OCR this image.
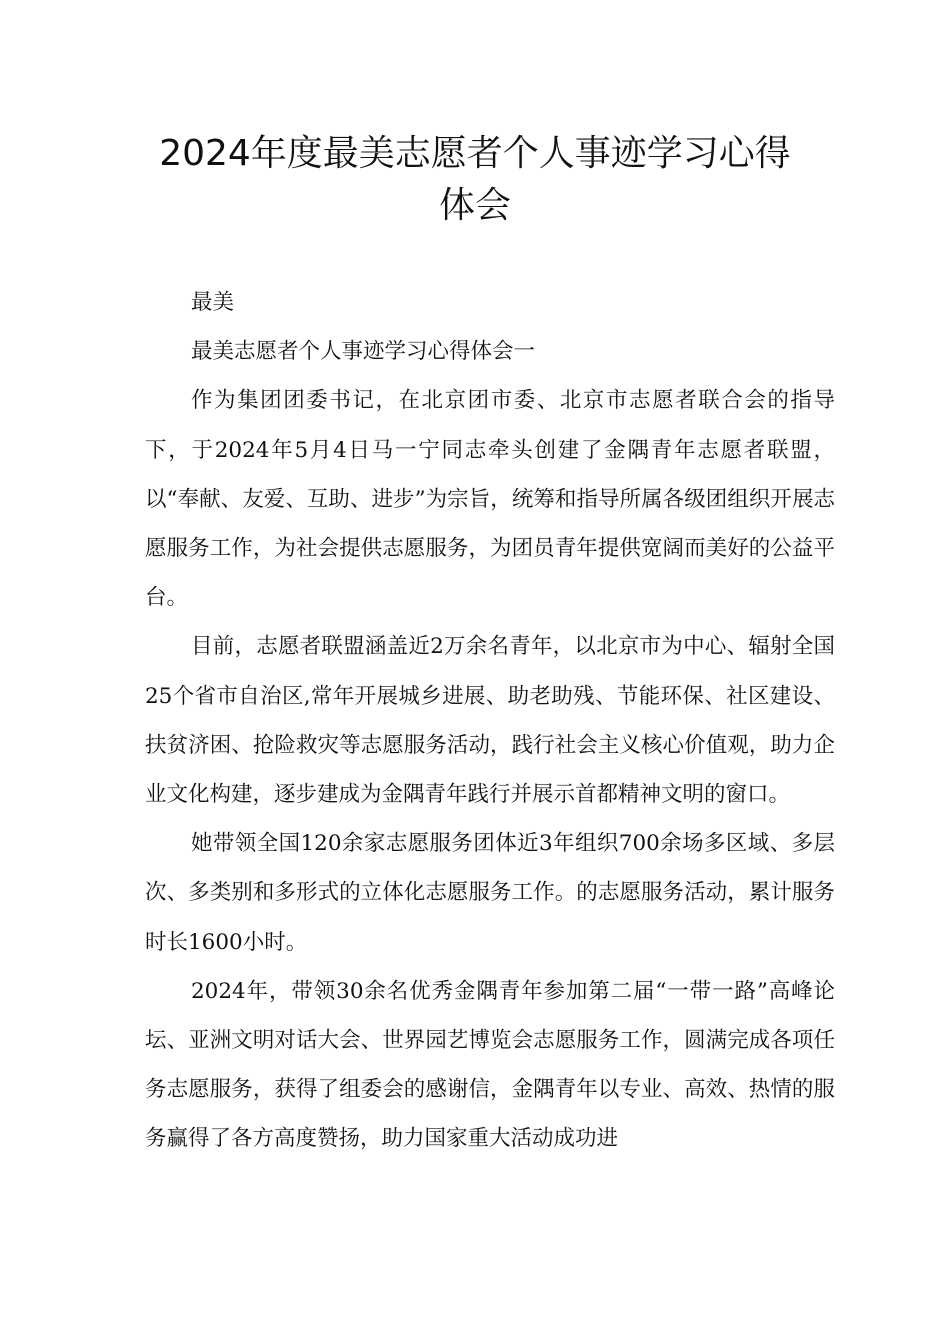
2024年度最美志愿者个人事迹学习心得
体会

最美

最美志愿者个人事迹学习心得体会一

作为集团团委书记，在北京团市委、北京市志愿者联合会的指导下，于2024年5月4日马一宁同志牵头创建了金隅青年志愿者联盟，以“奉献、友爱、互助、进步”为宗旨，统筹和指导所属各级团组织开展志愿服务工作，为社会提供志愿服务，为团员青年提供宽阔而美好的公益平台。

目前，志愿者联盟涵盖近2万余名青年，以北京市为中心、辐射全国25个省市自治区,常年开展城乡进展、助老助残、节能环保、社区建设、扶贫济困、抢险救灾等志愿服务活动，践行社会主义核心价值观，助力企业文化构建，逐步建成为金隅青年践行并展示首都精神文明的窗口。

她带领全国120余家志愿服务团体近3年组织700余场多区域、多层次、多类别和多形式的立体化志愿服务工作。的志愿服务活动，累计服务时长1600小时。

2024年，带领30余名优秀金隅青年参加第二届“一带一路”高峰论坛、亚洲文明对话大会、世界园艺博览会志愿服务工作，圆满完成各项任务志愿服务，获得了组委会的感谢信，金隅青年以专业、高效、热情的服务赢得了各方高度赞扬，助力国家重大活动成功进
